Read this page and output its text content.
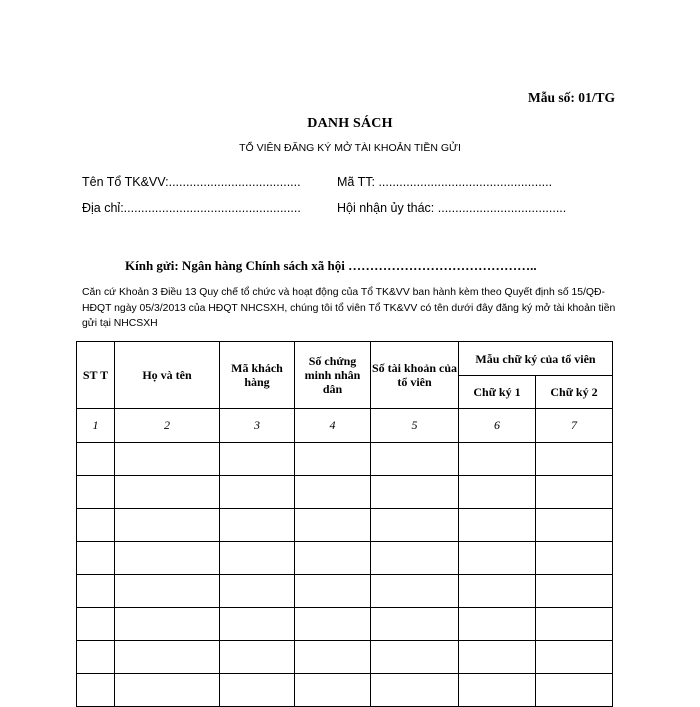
Mẫu số: 01/TG
DANH SÁCH
TỔ VIÊN ĐĂNG KÝ MỞ TÀI KHOẢN TIỀN GỬI
Tên Tổ TK&VV:......................................	Mã TT: ..................................................
Địa chỉ:...................................................	Hội nhận ủy thác: .....................................
Kính gửi: Ngân hàng Chính sách xã hội ……………………………………..
Căn cứ Khoản 3 Điều 13 Quy chế tổ chức và hoạt động của Tổ TK&VV ban hành kèm theo Quyết định số 15/QĐ-HĐQT ngày 05/3/2013 của HĐQT NHCSXH, chúng tôi tổ viên Tổ TK&VV có tên dưới đây đăng ký mở tài khoản tiền gửi tại NHCSXH
ST T	Họ và tên	Mã khách hàng	Số chứng minh nhân dân	Số tài khoản của tổ viên	Mẫu chữ ký của tổ viên	
					Chữ ký 1	Chữ ký 2
1	2	3	4	5	6	7
